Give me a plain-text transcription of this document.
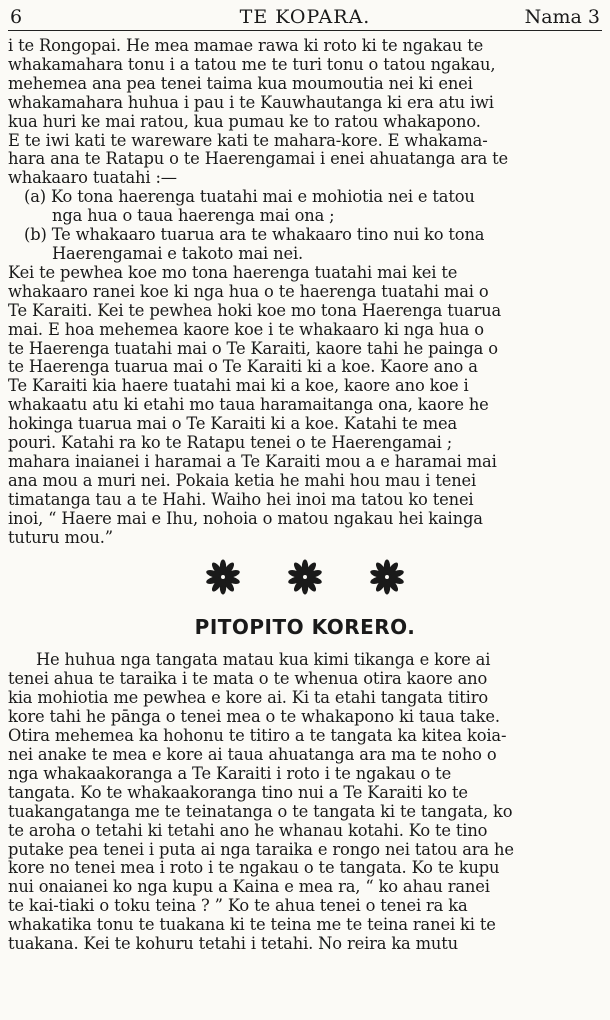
6	TE KOPARA.	Nama 3
i te Rongopai. He mea mamae rawa ki roto ki te ngakau te
whakamahara tonu i a tatou me te turi tonu o tatou ngakau,
mehemea ana pea tenei taima kua moumoutia nei ki enei
whakamahara huhua i pau i te Kauwhautanga ki era atu iwi
kua huri ke mai ratou, kua pumau ke to ratou whakapono.
E te iwi kati te wareware kati te mahara-kore. E whakama-
hara ana te Ratapu o te Haerengamai i enei ahuatanga ara te
whakaaro tuatahi :—
(a) Ko tona haerenga tuatahi mai e mohiotia nei e tatou
nga hua o taua haerenga mai ona ;
(b) Te whakaaro tuarua ara te whakaaro tino nui ko tona
Haerengamai e takoto mai nei.
Kei te pewhea koe mo tona haerenga tuatahi mai kei te
whakaaro ranei koe ki nga hua o te haerenga tuatahi mai o
Te Karaiti. Kei te pewhea hoki koe mo tona Haerenga tuarua
mai. E hoa mehemea kaore koe i te whakaaro ki nga hua o
te Haerenga tuatahi mai o Te Karaiti, kaore tahi he painga o
te Haerenga tuarua mai o Te Karaiti ki a koe. Kaore ano a
Te Karaiti kia haere tuatahi mai ki a koe, kaore ano koe i
whakaatu atu ki etahi mo taua haramaitanga ona, kaore he
hokinga tuarua mai o Te Karaiti ki a koe. Katahi te mea
pouri. Katahi ra ko te Ratapu tenei o te Haerengamai ;
mahara inaianei i haramai a Te Karaiti mou a e haramai mai
ana mou a muri nei. Pokaia ketia he mahi hou mau i tenei
timatanga tau a te Hahi. Waiho hei inoi ma tatou ko tenei
inoi, “ Haere mai e Ihu, nohoia o matou ngakau hei kainga
tuturu mou.”
PITOPITO KORERO.
He huhua nga tangata matau kua kimi tikanga e kore ai
tenei ahua te taraika i te mata o te whenua otira kaore ano
kia mohiotia me pewhea e kore ai. Ki ta etahi tangata titiro
kore tahi he pānga o tenei mea o te whakapono ki taua take.
Otira mehemea ka hohonu te titiro a te tangata ka kitea koia-
nei anake te mea e kore ai taua ahuatanga ara ma te noho o
nga whakaakoranga a Te Karaiti i roto i te ngakau o te
tangata. Ko te whakaakoranga tino nui a Te Karaiti ko te
tuakangatanga me te teinatanga o te tangata ki te tangata, ko
te aroha o tetahi ki tetahi ano he whanau kotahi. Ko te tino
putake pea tenei i puta ai nga taraika e rongo nei tatou ara he
kore no tenei mea i roto i te ngakau o te tangata. Ko te kupu
nui onaianei ko nga kupu a Kaina e mea ra, “ ko ahau ranei
te kai-tiaki o toku teina ? ” Ko te ahua tenei o tenei ra ka
whakatika tonu te tuakana ki te teina me te teina ranei ki te
tuakana. Kei te kohuru tetahi i tetahi. No reira ka mutu
